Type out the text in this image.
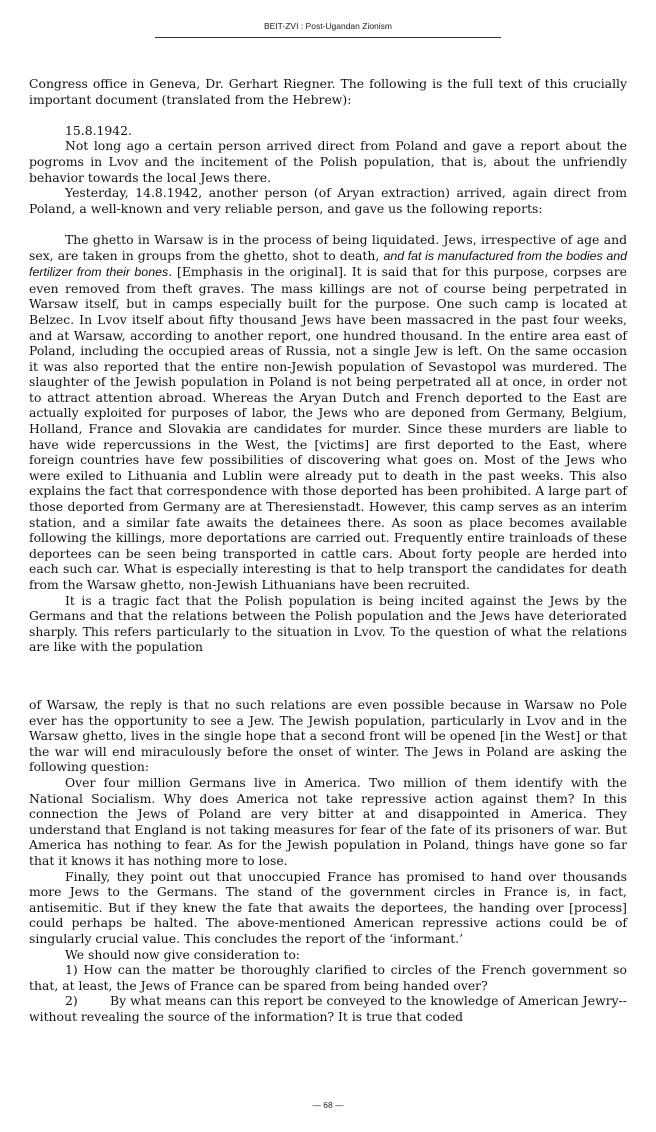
BEIT-ZVI : Post-Ugandan Zionism

Congress office in Geneva, Dr. Gerhart Riegner. The following is the full text of this crucially important document (translated from the Hebrew):

15.8.1942.

Not long ago a certain person arrived direct from Poland and gave a report about the pogroms in Lvov and the incitement of the Polish population, that is, about the unfriendly behavior towards the local Jews there.

Yesterday, 14.8.1942, another person (of Aryan extraction) arrived, again direct from Poland, a well-known and very reliable person, and gave us the following reports:

The ghetto in Warsaw is in the process of being liquidated. Jews, irrespective of age and sex, are taken in groups from the ghetto, shot to death, and fat is manufactured from the bodies and fertilizer from their bones. [Emphasis in the original]. It is said that for this purpose, corpses are even removed from theft graves. The mass killings are not of course being perpetrated in Warsaw itself, but in camps especially built for the purpose. One such camp is located at Belzec. In Lvov itself about fifty thousand Jews have been massacred in the past four weeks, and at Warsaw, according to another report, one hundred thousand. In the entire area east of Poland, including the occupied areas of Russia, not a single Jew is left. On the same occasion it was also reported that the entire non-Jewish population of Sevastopol was murdered. The slaughter of the Jewish population in Poland is not being perpetrated all at once, in order not to attract attention abroad. Whereas the Aryan Dutch and French deported to the East are actually exploited for purposes of labor, the Jews who are deponed from Germany, Belgium, Holland, France and Slovakia are candidates for murder. Since these murders are liable to have wide repercussions in the West, the [victims] are first deported to the East, where foreign countries have few possibilities of discovering what goes on. Most of the Jews who were exiled to Lithuania and Lublin were already put to death in the past weeks. This also explains the fact that correspondence with those deported has been prohibited. A large part of those deported from Germany are at Theresienstadt. However, this camp serves as an interim station, and a similar fate awaits the detainees there. As soon as place becomes available following the killings, more deportations are carried out. Frequently entire trainloads of these deportees can be seen being transported in cattle cars. About forty people are herded into each such car. What is especially interesting is that to help transport the candidates for death from the Warsaw ghetto, non-Jewish Lithuanians have been recruited.

It is a tragic fact that the Polish population is being incited against the Jews by the Germans and that the relations between the Polish population and the Jews have deteriorated sharply. This refers particularly to the situation in Lvov. To the question of what the relations are like with the population

of Warsaw, the reply is that no such relations are even possible because in Warsaw no Pole ever has the opportunity to see a Jew. The Jewish population, particularly in Lvov and in the Warsaw ghetto, lives in the single hope that a second front will be opened [in the West] or that the war will end miraculously before the onset of winter. The Jews in Poland are asking the following question:

Over four million Germans live in America. Two million of them identify with the National Socialism. Why does America not take repressive action against them? In this connection the Jews of Poland are very bitter at and disappointed in America. They understand that England is not taking measures for fear of the fate of its prisoners of war. But America has nothing to fear. As for the Jewish population in Poland, things have gone so far that it knows it has nothing more to lose.

Finally, they point out that unoccupied France has promised to hand over thousands more Jews to the Germans. The stand of the government circles in France is, in fact, antisemitic. But if they knew the fate that awaits the deportees, the handing over [process] could perhaps be halted. The above-mentioned American repressive actions could be of singularly crucial value. This concludes the report of the ‘informant.’

We should now give consideration to:

1) How can the matter be thoroughly clarified to circles of the French government so that, at least, the Jews of France can be spared from being handed over?

2)        By what means can this report be conveyed to the knowledge of American Jewry--without revealing the source of the information? It is true that coded

— 68 —
